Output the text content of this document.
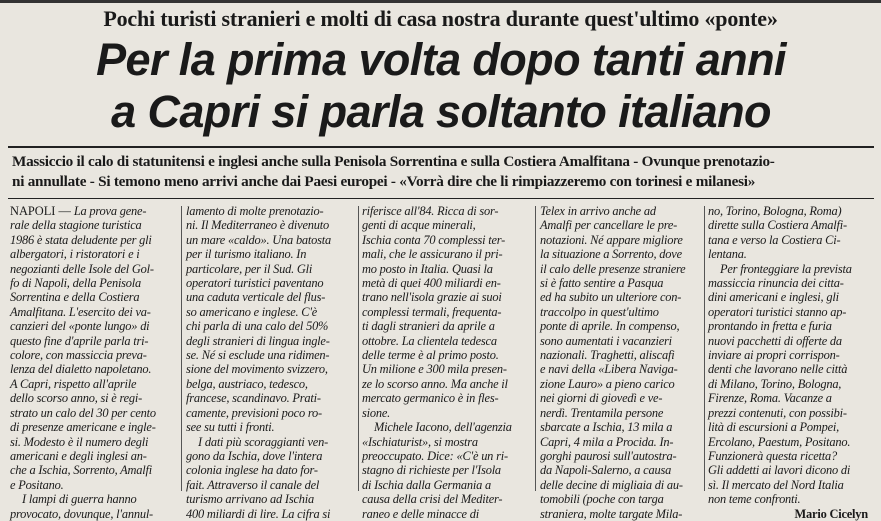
Pochi turisti stranieri e molti di casa nostra durante quest'ultimo «ponte»
Per la prima volta dopo tanti anni
a Capri si parla soltanto italiano
Massiccio il calo di statunitensi e inglesi anche sulla Penisola Sorrentina e sulla Costiera Amalfitana - Ovunque prenotazio-
ni annullate - Si temono meno arrivi anche dai Paesi europei - «Vorrà dire che li rimpiazzeremo con torinesi e milanesi»

NAPOLI — La prova gene-

rale della stagione turistica

1986 è stata deludente per gli

albergatori, i ristoratori e i

negozianti delle Isole del Gol-

fo di Napoli, della Penisola

Sorrentina e della Costiera

Amalfitana. L'esercito dei va-

canzieri del «ponte lungo» di

questo fine d'aprile parla tri-

colore, con massiccia preva-

lenza del dialetto napoletano.

A Capri, rispetto all'aprile

dello scorso anno, si è regi-

strato un calo del 30 per cento

di presenze americane e ingle-

si. Modesto è il numero degli

americani e degli inglesi an-

che a Ischia, Sorrento, Amalfi

e Positano.

I lampi di guerra hanno

provocato, dovunque, l'annul-

lamento di molte prenotazio-

ni. Il Mediterraneo è divenuto

un mare «caldo». Una batosta

per il turismo italiano. In

particolare, per il Sud. Gli

operatori turistici paventano

una caduta verticale del flus-

so americano e inglese. C'è

chi parla di una calo del 50%

degli stranieri di lingua ingle-

se. Né si esclude una ridimen-

sione del movimento svizzero,

belga, austriaco, tedesco,

francese, scandinavo. Prati-

camente, previsioni poco ro-

see su tutti i fronti.

I dati più scoraggianti ven-

gono da Ischia, dove l'intera

colonia inglese ha dato for-

fait. Attraverso il canale del

turismo arrivano ad Ischia

400 miliardi di lire. La cifra si

riferisce all'84. Ricca di sor-

genti di acque minerali,

Ischia conta 70 complessi ter-

mali, che le assicurano il pri-

mo posto in Italia. Quasi la

metà di quei 400 miliardi en-

trano nell'isola grazie ai suoi

complessi termali, frequenta-

ti dagli stranieri da aprile a

ottobre. La clientela tedesca

delle terme è al primo posto.

Un milione e 300 mila presen-

ze lo scorso anno. Ma anche il

mercato germanico è in fles-

sione.

Michele Iacono, dell'agenzia

«Ischiaturist», si mostra

preoccupato. Dice: «C'è un ri-

stagno di richieste per l'Isola

di Ischia dalla Germania a

causa della crisi del Mediter-

raneo e delle minacce di

Telex in arrivo anche ad

Amalfi per cancellare le pre-

notazioni. Né appare migliore

la situazione a Sorrento, dove

il calo delle presenze straniere

si è fatto sentire a Pasqua

ed ha subito un ulteriore con-

traccolpo in quest'ultimo

ponte di aprile. In compenso,

sono aumentati i vacanzieri

nazionali. Traghetti, aliscafi

e navi della «Libera Naviga-

zione Lauro» a pieno carico

nei giorni di giovedì e ve-

nerdì. Trentamila persone

sbarcate a Ischia, 13 mila a

Capri, 4 mila a Procida. In-

gorghi paurosi sull'autostra-

da Napoli-Salerno, a causa

delle decine di migliaia di au-

tomobili (poche con targa

straniera, molte targate Mila-

no, Torino, Bologna, Roma)

dirette sulla Costiera Amalfi-

tana e verso la Costiera Ci-

lentana.

Per fronteggiare la prevista

massiccia rinuncia dei citta-

dini americani e inglesi, gli

operatori turistici stanno ap-

prontando in fretta e furia

nuovi pacchetti di offerte da

inviare ai propri corrispon-

denti che lavorano nelle città

di Milano, Torino, Bologna,

Firenze, Roma. Vacanze a

prezzi contenuti, con possibi-

lità di escursioni a Pompei,

Ercolano, Paestum, Positano.

Funzionerà questa ricetta?

Gli addetti ai lavori dicono di

sì. Il mercato del Nord Italia

non teme confronti.

Mario Cicelyn
